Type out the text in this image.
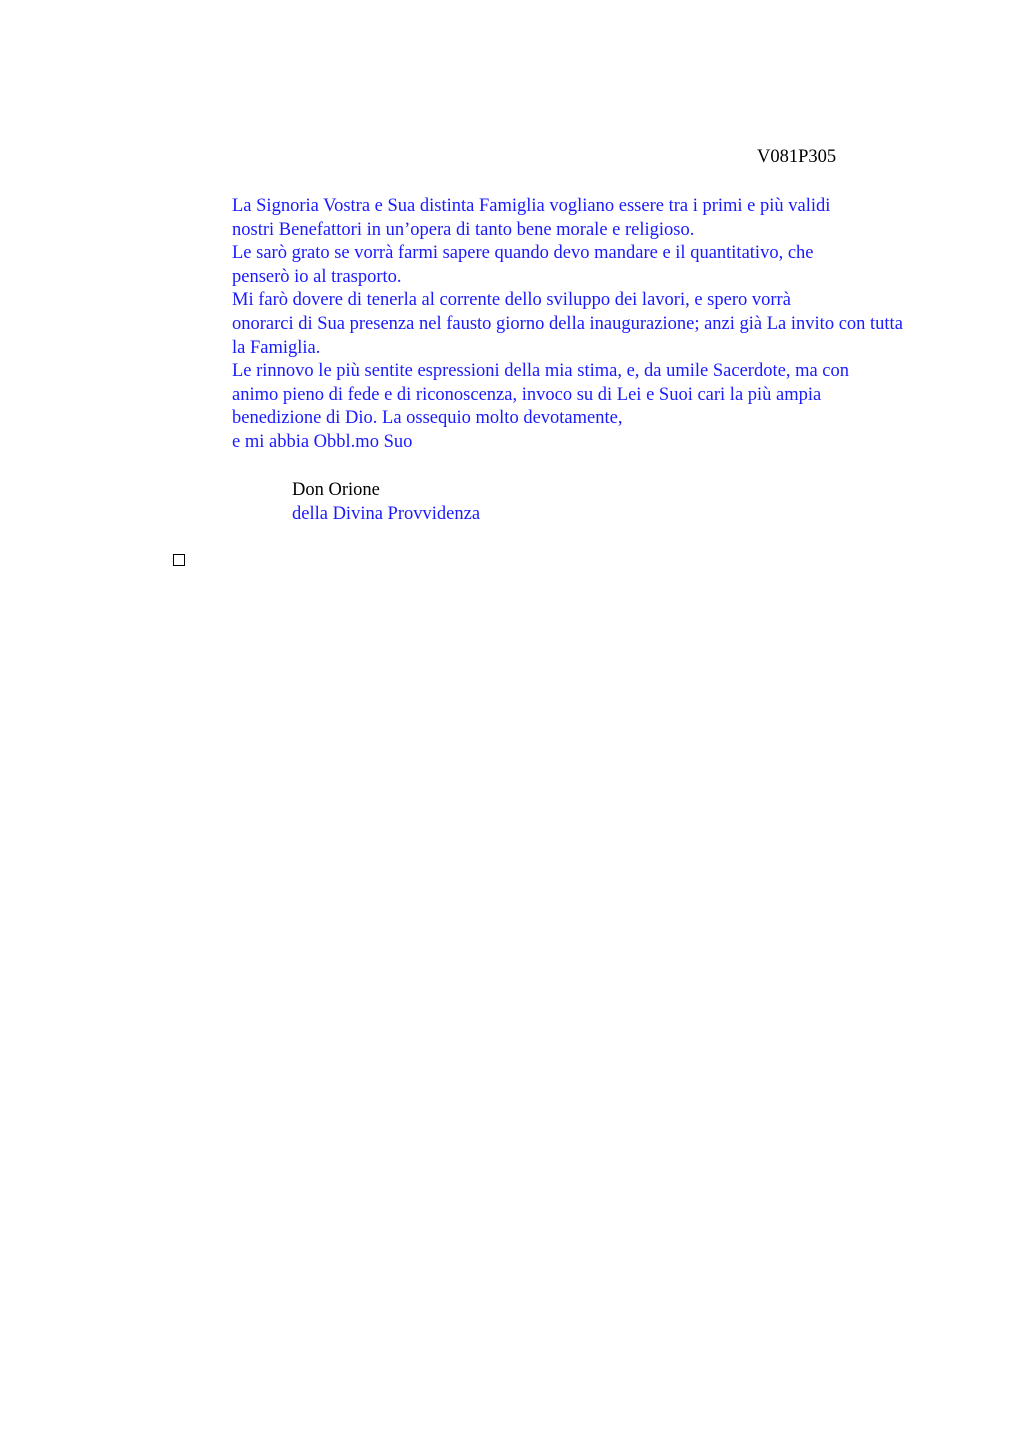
V081P305

La Signoria Vostra e Sua distinta Famiglia vogliano essere tra i primi e più validi
nostri Benefattori in un’opera di tanto bene morale e religioso.

Le sarò grato se vorrà farmi sapere quando devo mandare e il quantitativo, che
penserò io al trasporto.

Mi farò dovere di tenerla al corrente dello sviluppo dei lavori, e spero vorrà
onorarci di Sua presenza nel fausto giorno della inaugurazione; anzi già La invito con tutta
la Famiglia.

Le rinnovo le più sentite espressioni della mia stima, e, da umile Sacerdote, ma con
animo pieno di fede e di riconoscenza, invoco su di Lei e Suoi cari la più ampia
benedizione di Dio. La ossequio molto devotamente,

e mi abbia Obbl.mo Suo

Don Orione
della Divina Provvidenza
